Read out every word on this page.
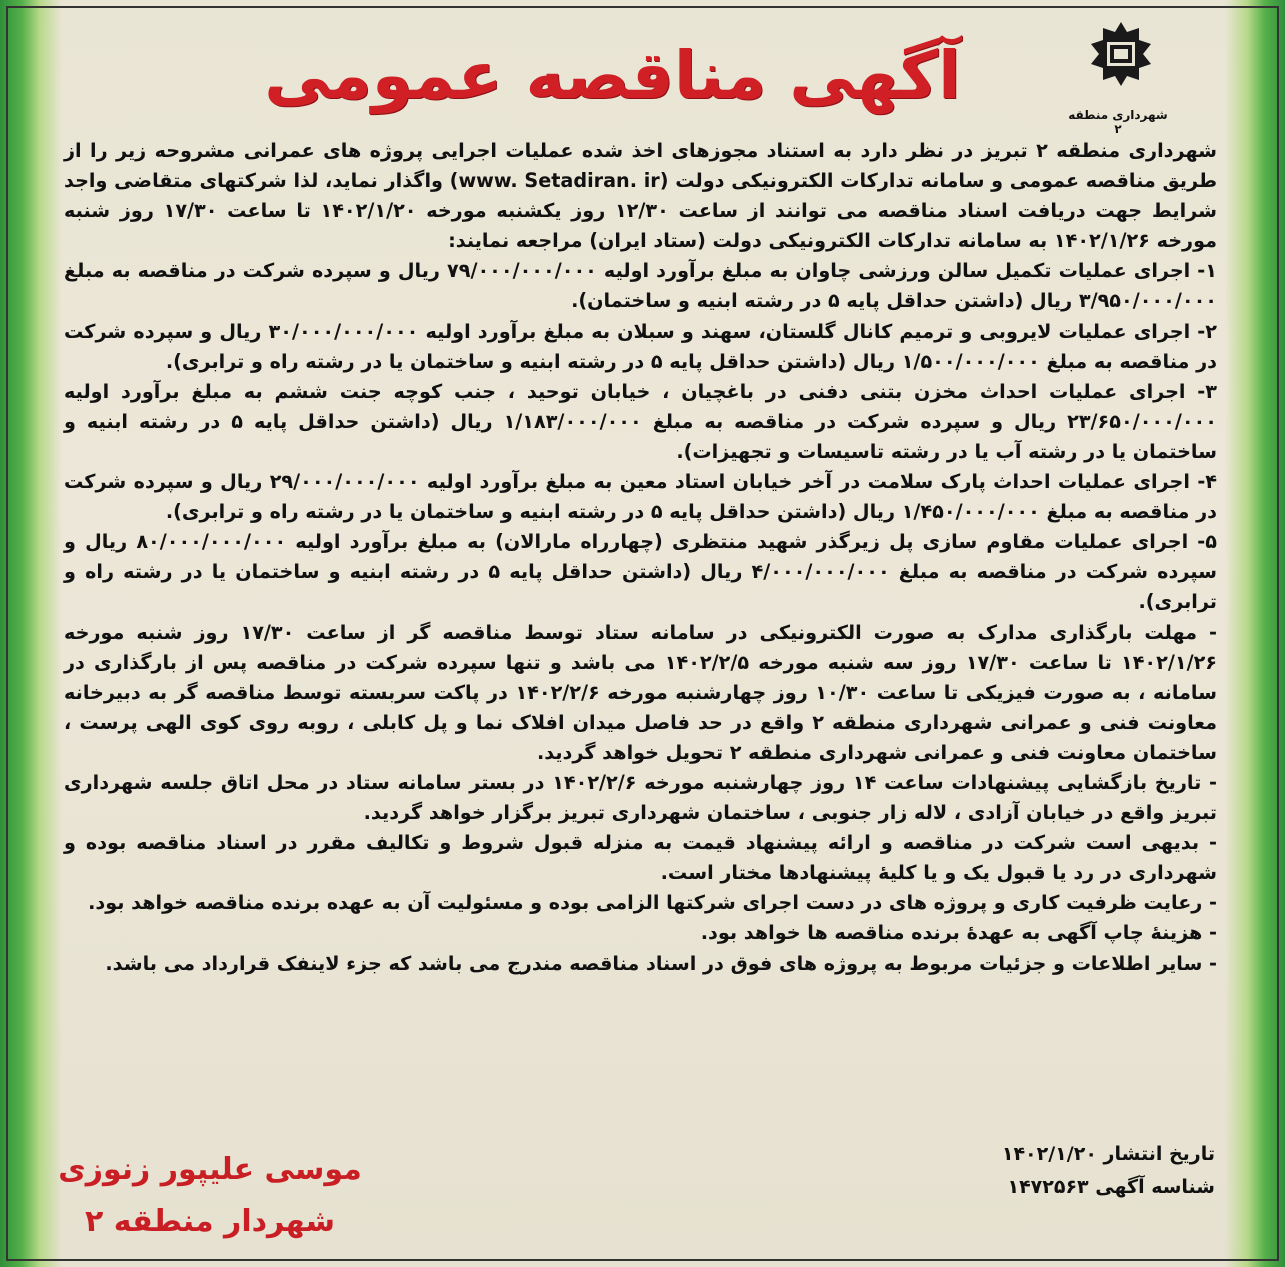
شهرداری منطقه ۲
آگهی مناقصه عمومی

شهرداری منطقه ۲ تبریز در نظر دارد به استناد مجوزهای اخذ شده عملیات اجرایی پروژه های عمرانی مشروحه زیر را از طریق مناقصه عمومی و سامانه تدارکات الکترونیکی دولت (www. Setadiran. ir) واگذار نماید، لذا شرکتهای متقاضی واجد شرایط جهت دریافت اسناد مناقصه می توانند از ساعت ۱۲/۳۰ روز یکشنبه مورخه ۱۴۰۲/۱/۲۰ تا ساعت ۱۷/۳۰ روز شنبه مورخه ۱۴۰۲/۱/۲۶ به سامانه تدارکات الکترونیکی دولت (ستاد ایران) مراجعه نمایند:

۱- اجرای عملیات تکمیل سالن ورزشی چاوان به مبلغ برآورد اولیه ۷۹/۰۰۰/۰۰۰/۰۰۰ ریال و سپرده شرکت در مناقصه به مبلغ ۳/۹۵۰/۰۰۰/۰۰۰ ریال (داشتن حداقل پایه ۵ در رشته ابنیه و ساختمان).

۲- اجرای عملیات لایروبی و ترمیم کانال گلستان، سهند و سبلان به مبلغ برآورد اولیه ۳۰/۰۰۰/۰۰۰/۰۰۰ ریال و سپرده شرکت در مناقصه به مبلغ ۱/۵۰۰/۰۰۰/۰۰۰ ریال (داشتن حداقل پایه ۵ در رشته ابنیه و ساختمان یا در رشته راه و ترابری).

۳- اجرای عملیات احداث مخزن بتنی دفنی در باغچیان ، خیابان توحید ، جنب کوچه جنت ششم به مبلغ برآورد اولیه ۲۳/۶۵۰/۰۰۰/۰۰۰ ریال و سپرده شرکت در مناقصه به مبلغ ۱/۱۸۳/۰۰۰/۰۰۰ ریال (داشتن حداقل پایه ۵ در رشته ابنیه و ساختمان یا در رشته آب یا در رشته تاسیسات و تجهیزات).

۴- اجرای عملیات احداث پارک سلامت در آخر خیابان استاد معین به مبلغ برآورد اولیه ۲۹/۰۰۰/۰۰۰/۰۰۰ ریال و سپرده شرکت در مناقصه به مبلغ ۱/۴۵۰/۰۰۰/۰۰۰ ریال (داشتن حداقل پایه ۵ در رشته ابنیه و ساختمان یا در رشته راه و ترابری).

۵- اجرای عملیات مقاوم سازی پل زیرگذر شهید منتظری (چهارراه مارالان) به مبلغ برآورد اولیه ۸۰/۰۰۰/۰۰۰/۰۰۰ ریال و سپرده شرکت در مناقصه به مبلغ ۴/۰۰۰/۰۰۰/۰۰۰ ریال (داشتن حداقل پایه ۵ در رشته ابنیه و ساختمان یا در رشته راه و ترابری).

- مهلت بارگذاری مدارک به صورت الکترونیکی در سامانه ستاد توسط مناقصه گر از ساعت ۱۷/۳۰ روز شنبه مورخه ۱۴۰۲/۱/۲۶ تا ساعت ۱۷/۳۰ روز سه شنبه مورخه ۱۴۰۲/۲/۵ می باشد و تنها سپرده شرکت در مناقصه پس از بارگذاری در سامانه ، به صورت فیزیکی تا ساعت ۱۰/۳۰ روز چهارشنبه مورخه ۱۴۰۲/۲/۶ در پاکت سربسته توسط مناقصه گر به دبیرخانه معاونت فنی و عمرانی شهرداری منطقه ۲ واقع در حد فاصل میدان افلاک نما و پل کابلی ، روبه روی کوی الهی پرست ، ساختمان معاونت فنی و عمرانی شهرداری منطقه ۲ تحویل خواهد گردید.

- تاریخ بازگشایی پیشنهادات ساعت ۱۴ روز چهارشنبه مورخه ۱۴۰۲/۲/۶ در بستر سامانه ستاد در محل اتاق جلسه شهرداری تبریز واقع در خیابان آزادی ، لاله زار جنوبی ، ساختمان شهرداری تبریز برگزار خواهد گردید.

- بدیهی است شرکت در مناقصه و ارائه پیشنهاد قیمت به منزله قبول شروط و تکالیف مقرر در اسناد مناقصه بوده و شهرداری در رد یا قبول یک و یا کلیهٔ پیشنهادها مختار است.

- رعایت ظرفیت کاری و پروژه های در دست اجرای شرکتها الزامی بوده و مسئولیت آن به عهده برنده مناقصه خواهد بود.

- هزینهٔ چاپ آگهی به عهدهٔ برنده مناقصه ها خواهد بود.

- سایر اطلاعات و جزئیات مربوط به پروژه های فوق در اسناد مناقصه مندرج می باشد که جزء لاینفک قرارداد می باشد.

تاریخ انتشار ۱۴۰۲/۱/۲۰
شناسه آگهی ۱۴۷۲۵۶۳
موسی علیپور زنوزی
شهردار منطقه ۲
